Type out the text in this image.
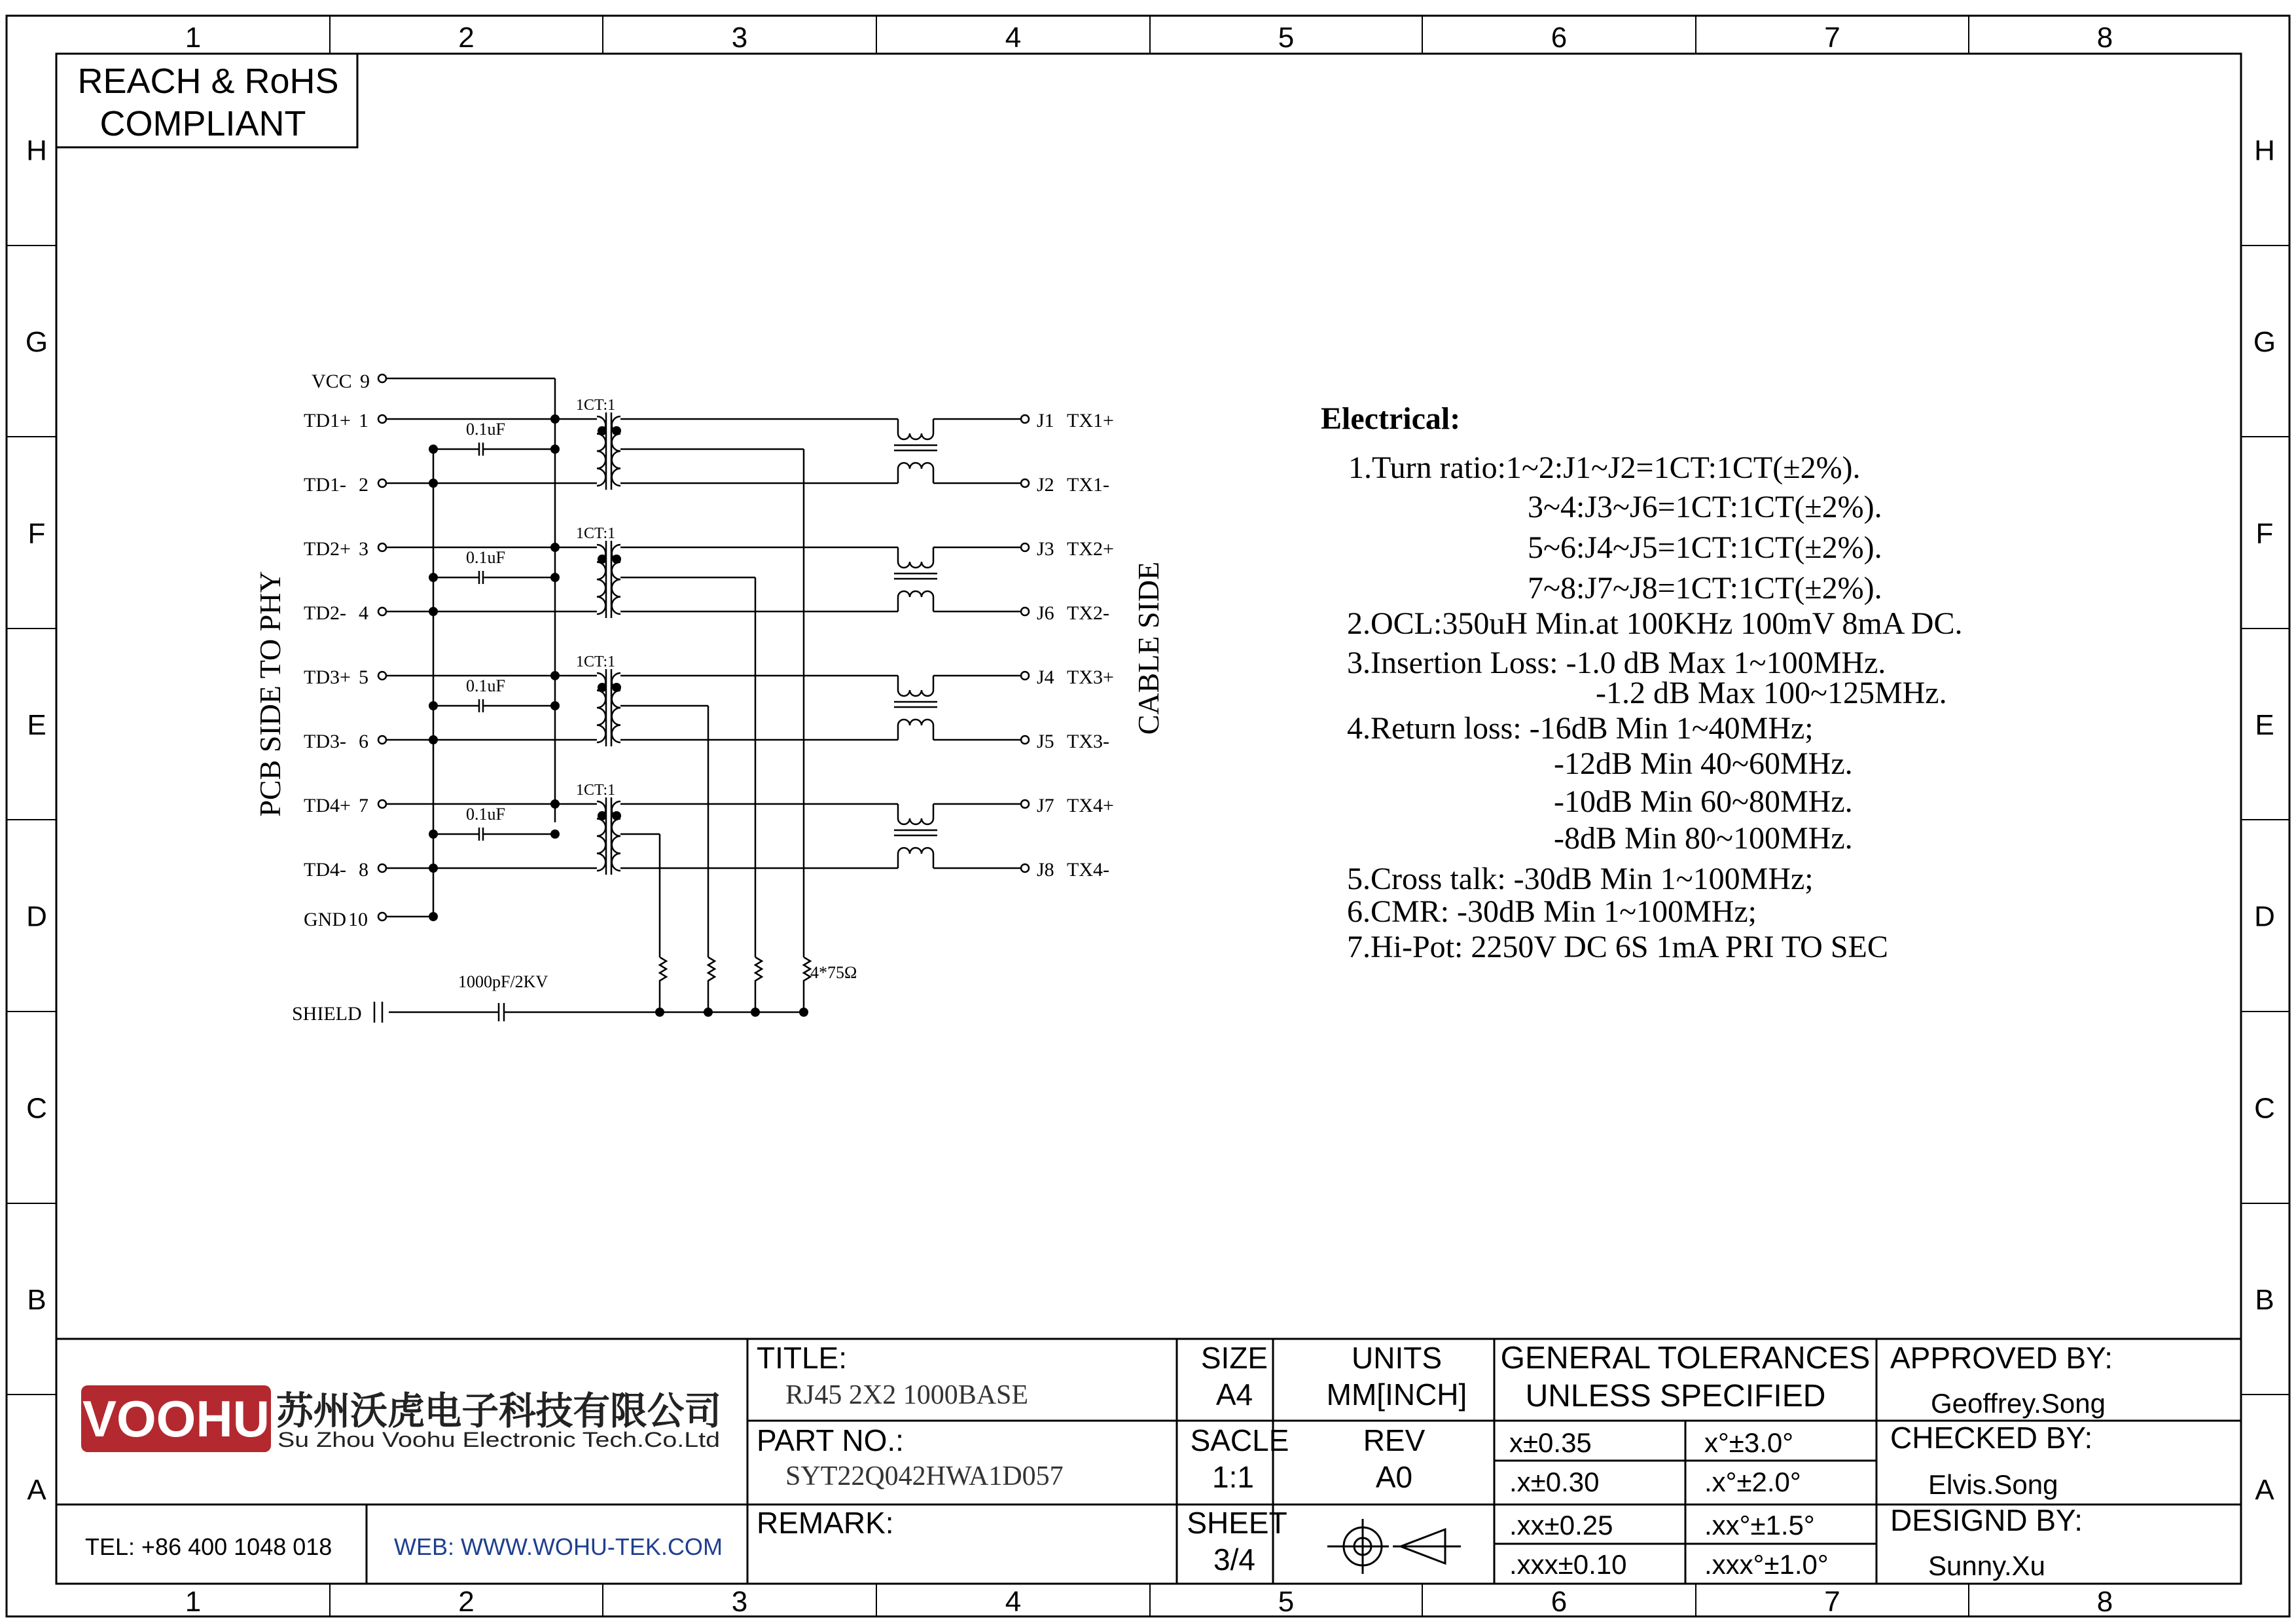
1
1
2
2
3
3
4
4
5
5
6
6
7
7
8
8
H	H
G	G
F	F
E	E
D	D
C	C
B	B
A	A
REACH & RoHS
COMPLIANT
VCC 9
GND 10
TD1+ 1
TD1- 2
0.1uF
1CT:1
J1 TX1+
J2 TX1-
TD2+ 3
TD2- 4
0.1uF
1CT:1
J3 TX2+
J6 TX2-
TD3+ 5
TD3- 6
0.1uF
1CT:1
J4 TX3+
J5 TX3-
TD4+ 7
TD4- 8
0.1uF
1CT:1
J7 TX4+
J8 TX4-
4*75Ω
SHIELD
1000pF/2KV
PCB SIDE TO PHY	CABLE SIDE
Electrical:
1.Turn ratio:1~2:J1~J2=1CT:1CT(±2%).
3~4:J3~J6=1CT:1CT(±2%).
5~6:J4~J5=1CT:1CT(±2%).
7~8:J7~J8=1CT:1CT(±2%).
2.OCL:350uH Min.at 100KHz 100mV 8mA DC.
3.Insertion Loss: -1.0 dB Max 1~100MHz.
-1.2 dB Max 100~125MHz.
4.Return loss: -16dB Min 1~40MHz;
-12dB Min 40~60MHz.
-10dB Min 60~80MHz.
-8dB Min 80~100MHz.
5.Cross talk: -30dB Min 1~100MHz;
6.CMR: -30dB Min 1~100MHz;
7.Hi-Pot: 2250V DC 6S 1mA PRI TO SEC
VOOHU 苏州沃虎电子科技有限公司
Su Zhou Voohu Electronic Tech.Co.Ltd
TEL: +86 400 1048 018	WEB: WWW.WOHU-TEK.COM
TITLE:
RJ45 2X2 1000BASE
PART NO.:
SYT22Q042HWA1D057
REMARK:
SIZE
A4
SACLE
1:1
SHEET
3/4
UNITS
MM[INCH]
REV
A0
GENERAL TOLERANCES
UNLESS SPECIFIED
x±0.35	x°±3.0°
.x±0.30	.x°±2.0°
.xx±0.25	.xx°±1.5°
.xxx±0.10	.xxx°±1.0°
APPROVED BY:
Geoffrey.Song
CHECKED BY:
Elvis.Song
DESIGND BY:
Sunny.Xu
